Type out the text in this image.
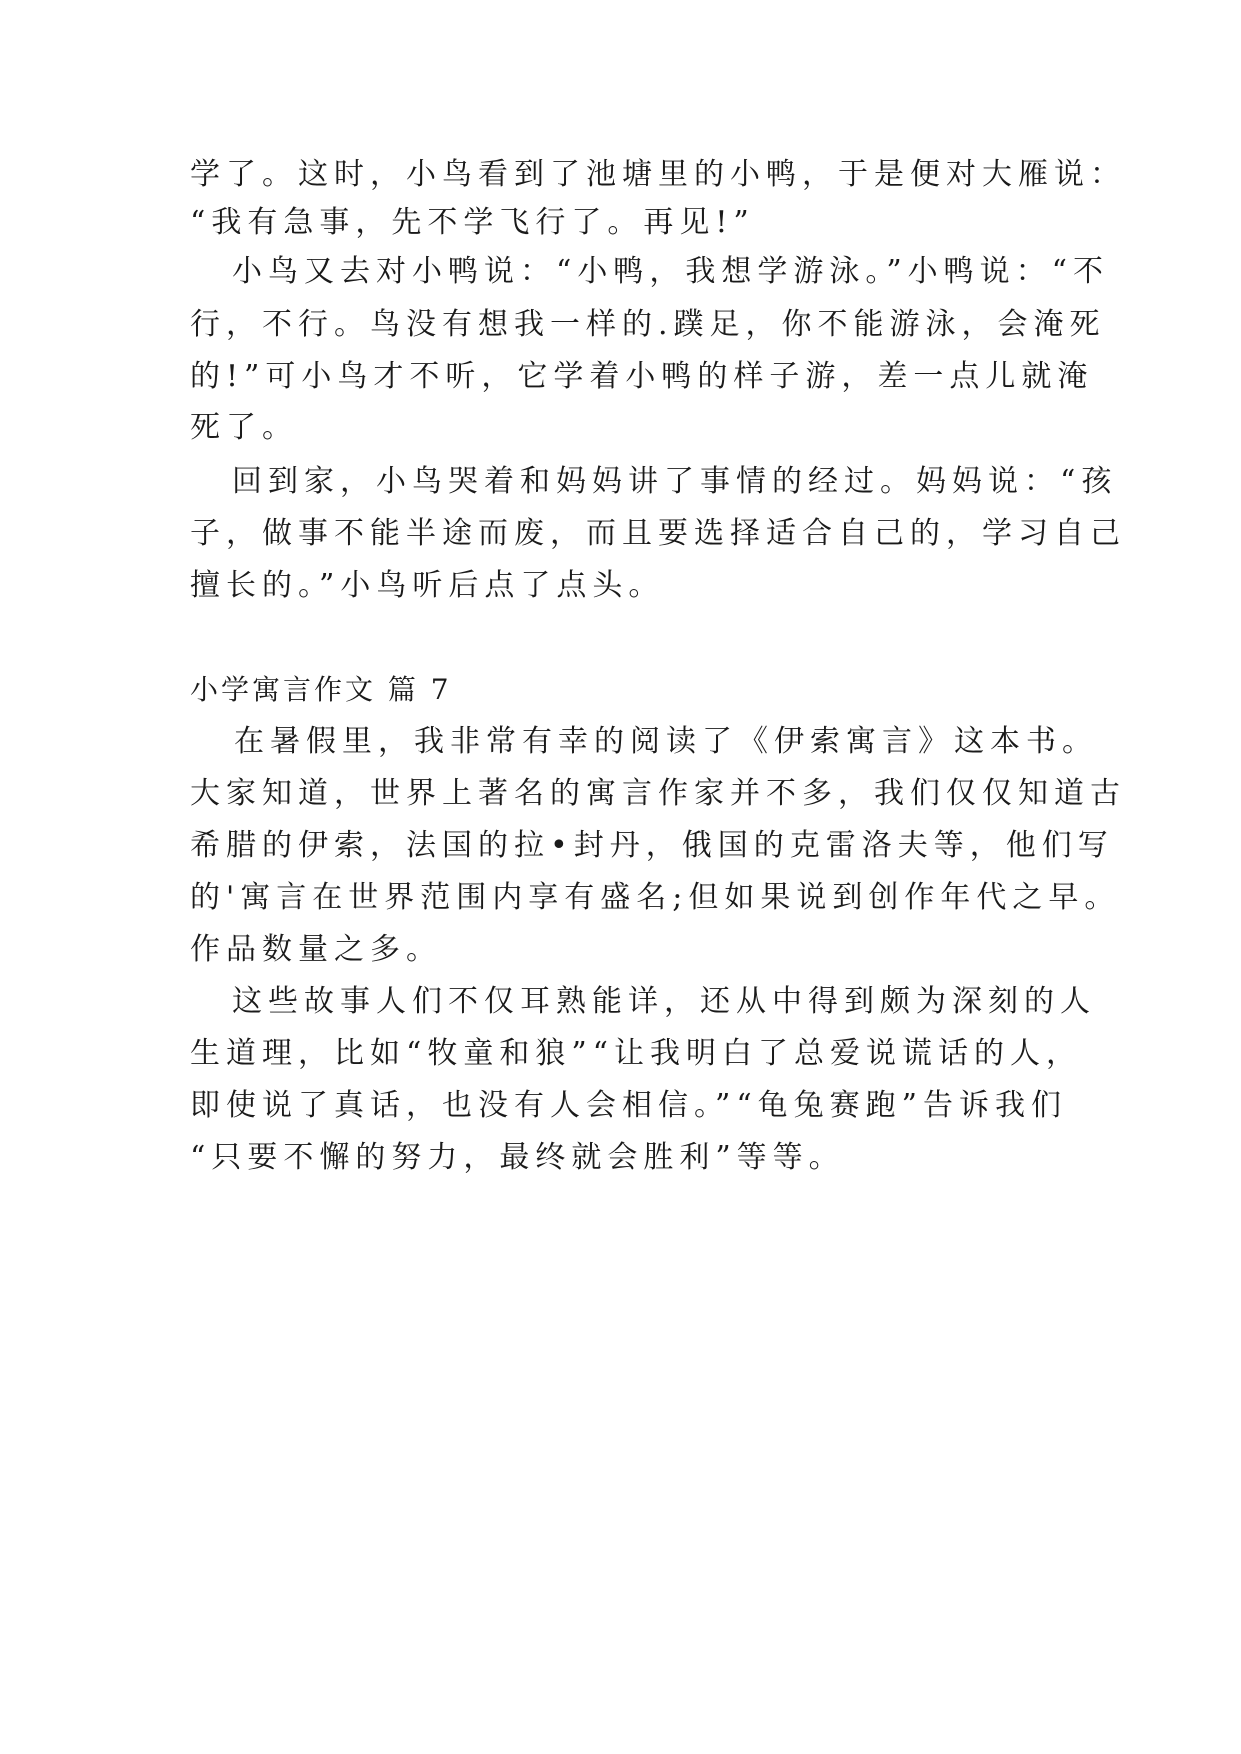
学了。这时，小鸟看到了池塘里的小鸭，于是便对大雁说：
“我有急事，先不学飞行了。再见!”
小鸟又去对小鸭说：“小鸭，我想学游泳。”小鸭说：“不
行，不行。鸟没有想我一样的.蹼足，你不能游泳，会淹死
的!”可小鸟才不听，它学着小鸭的样子游，差一点儿就淹
死了。
回到家，小鸟哭着和妈妈讲了事情的经过。妈妈说：“孩
子，做事不能半途而废，而且要选择适合自己的，学习自己
擅长的。”小鸟听后点了点头。
小学寓言作文 篇 7
在暑假里，我非常有幸的阅读了《伊索寓言》这本书。
大家知道，世界上著名的寓言作家并不多，我们仅仅知道古
希腊的伊索，法国的拉•封丹，俄国的克雷洛夫等，他们写
的'寓言在世界范围内享有盛名;但如果说到创作年代之早。
作品数量之多。
这些故事人们不仅耳熟能详，还从中得到颇为深刻的人
生道理，比如“牧童和狼”“让我明白了总爱说谎话的人，
即使说了真话，也没有人会相信。”“龟兔赛跑”告诉我们
“只要不懈的努力，最终就会胜利”等等。
